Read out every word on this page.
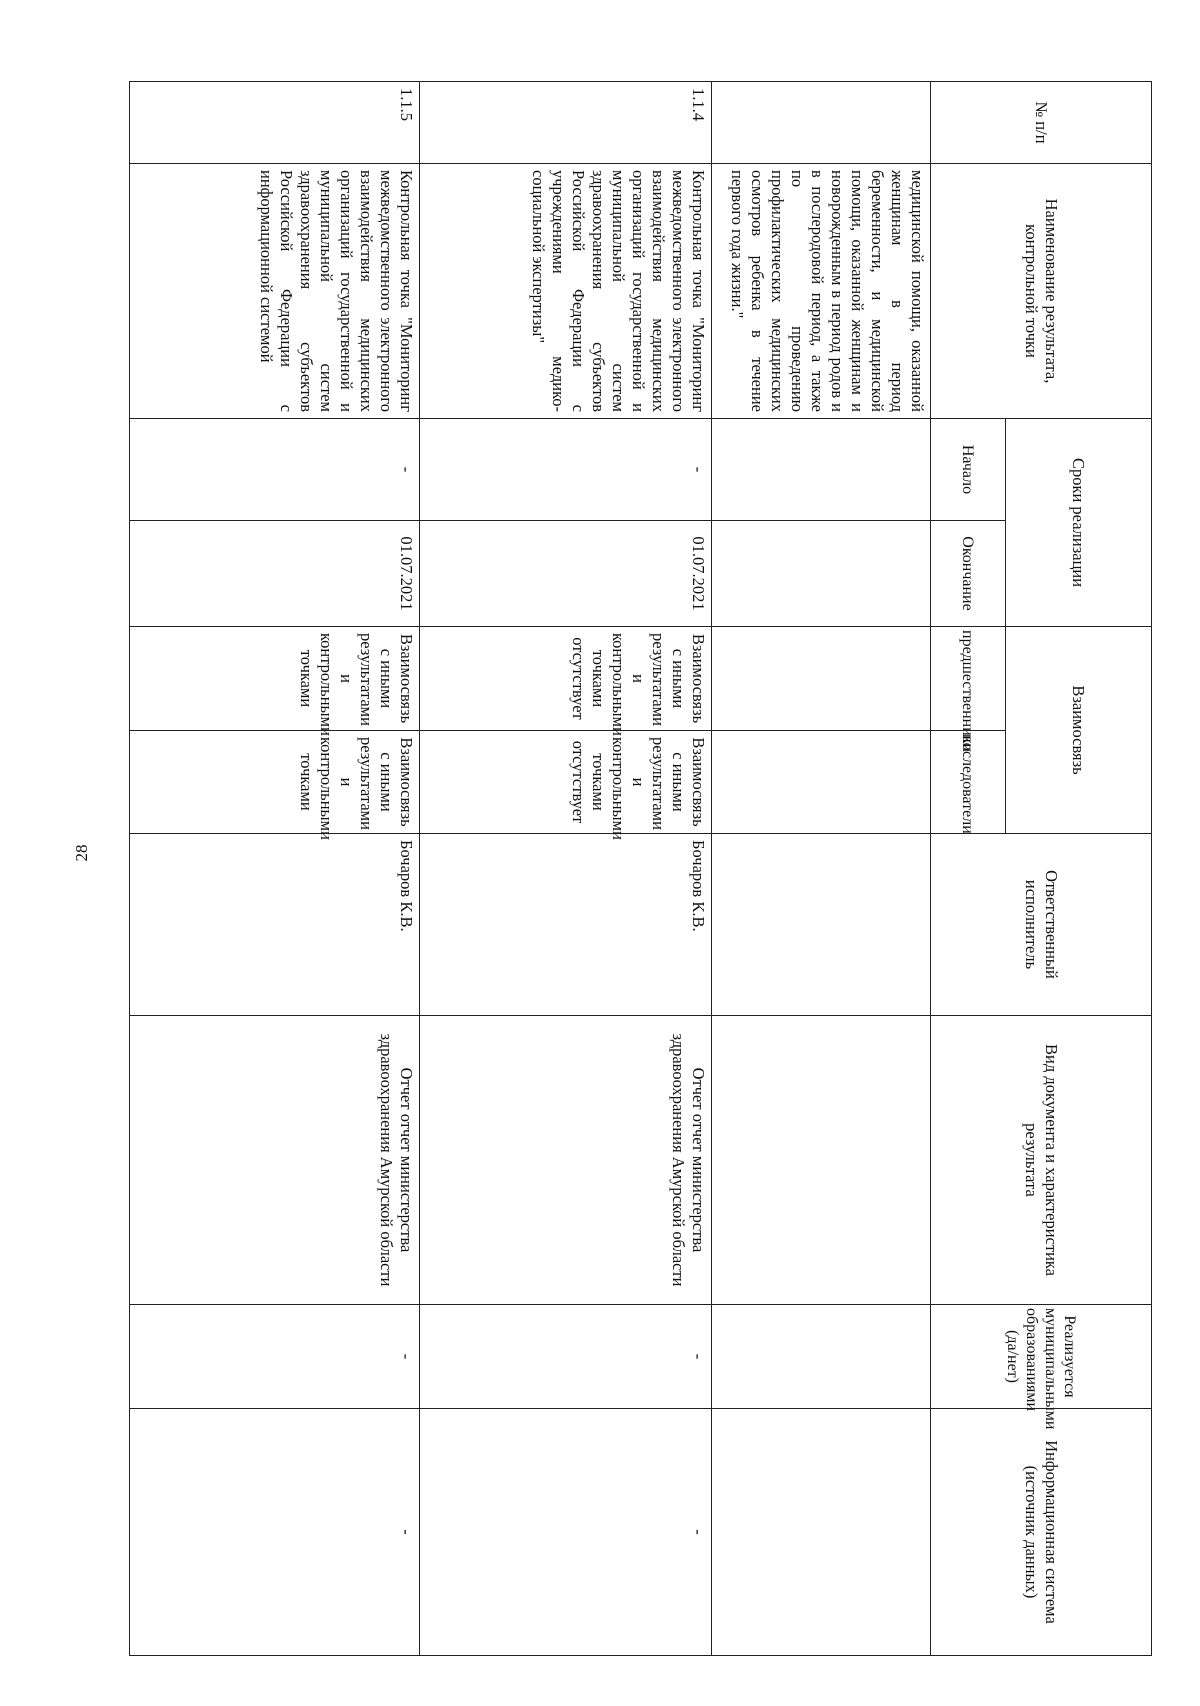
28
№ п/п	Наименование результата, контрольной точки	Сроки реализации		Взаимосвязь		Ответственный исполнитель	Вид документа и характеристика результата	Реализуется муниципальными образованиями (да/нет)	Информационная система (источник данных)
		Начало	Окончание	предшественники	последователи				
	медицинской помощи, оказанной женщинам в период беременности, и медицинской помощи, оказанной женщинам и новорожденным в период родов и в послеродовой период, а также по проведению профилактических медицинских осмотров ребенка в течение первого года жизни."								
1.1.4	Контрольная точка "Мониторинг межведомственного электронного взаимодействия медицинских организаций государственной и муниципальной систем здравоохранения субъектов Российской Федерации с учреждениями медико-социальной экспертизы"	-	01.07.2021	Взаимосвязь с иными результатами и контрольными точками отсутствует	Взаимосвязь с иными результатами и контрольными точками отсутствует	Бочаров К.В.	Отчет отчет министерства здравоохранения Амурской области	-	-
1.1.5	Контрольная точка "Мониторинг межведомственного электронного взаимодействия медицинских организаций государственной и муниципальной систем здравоохранения субъектов Российской Федерации с информационной системой	-	01.07.2021	Взаимосвязь с иными результатами и контрольными точками	Взаимосвязь с иными результатами и контрольными точками	Бочаров К.В.	Отчет отчет министерства здравоохранения Амурской области	-	-
